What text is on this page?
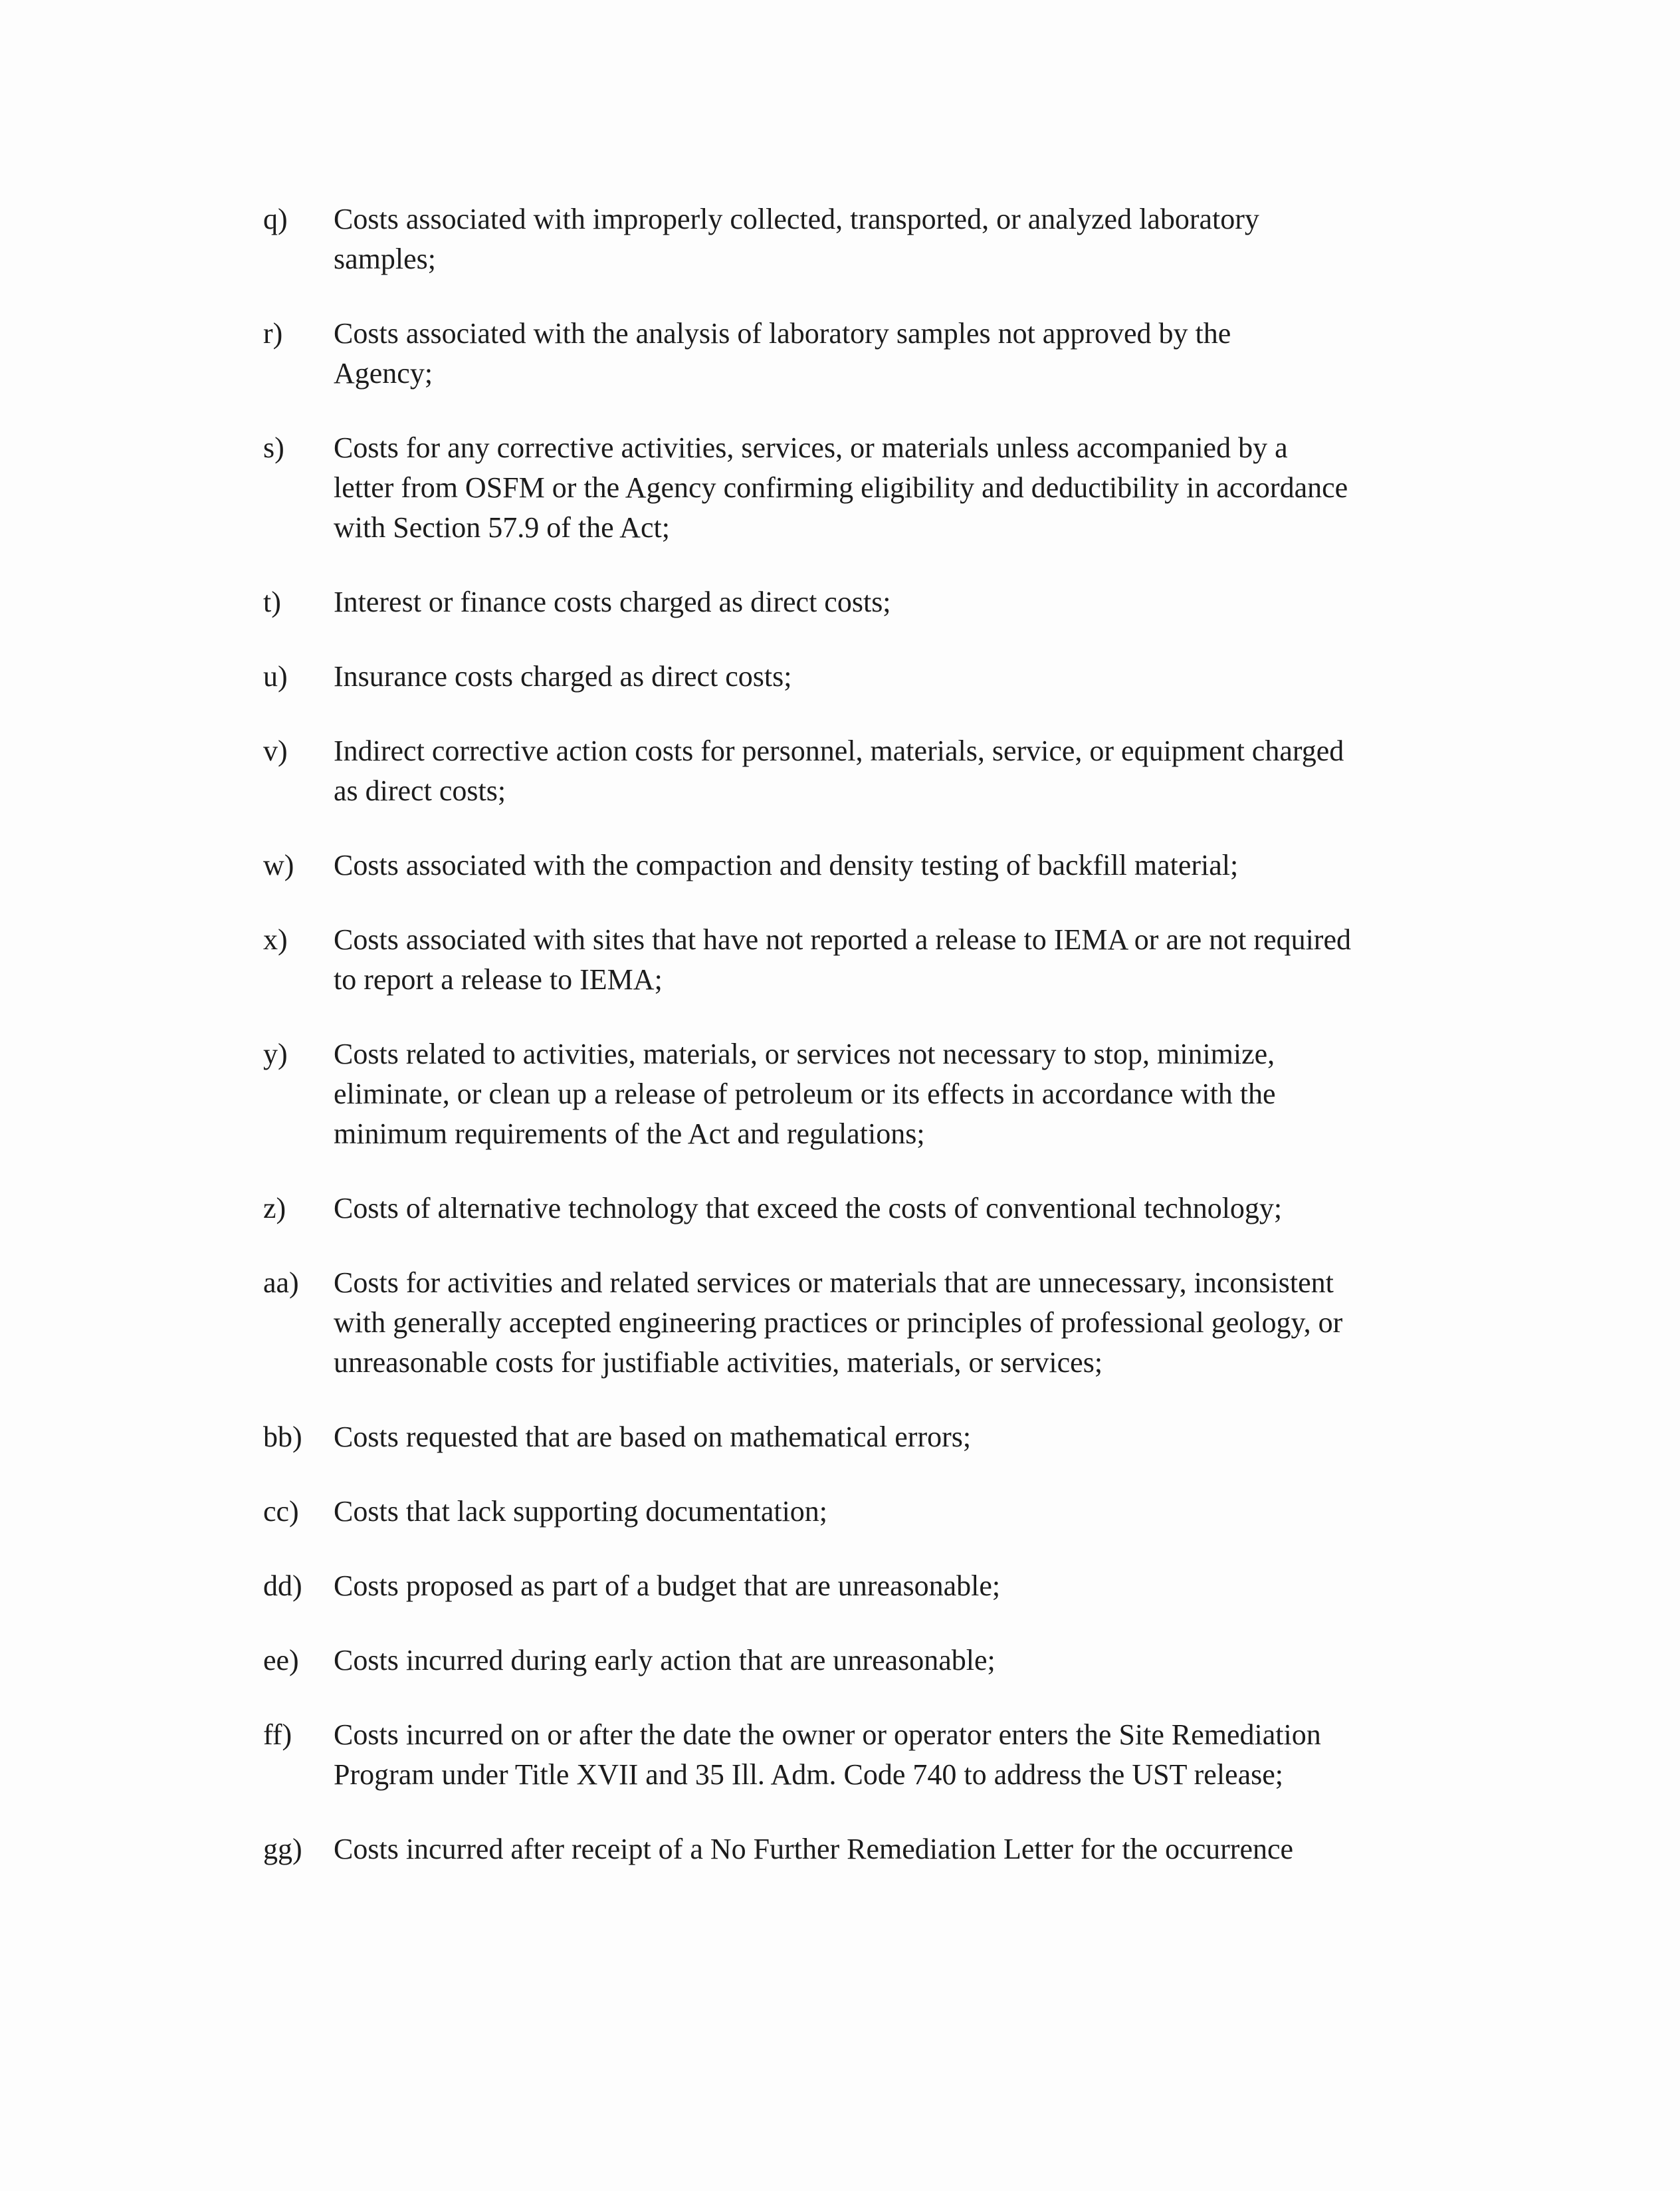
q)	Costs associated with improperly collected, transported, or analyzed laboratory samples;
r)	Costs associated with the analysis of laboratory samples not approved by the Agency;
s)	Costs for any corrective activities, services, or materials unless accompanied by a letter from OSFM or the Agency confirming eligibility and deductibility in accordance with Section 57.9 of the Act;
t)	Interest or finance costs charged as direct costs;
u)	Insurance costs charged as direct costs;
v)	Indirect corrective action costs for personnel, materials, service, or equipment charged as direct costs;
w)	Costs associated with the compaction and density testing of backfill material;
x)	Costs associated with sites that have not reported a release to IEMA or are not required to report a release to IEMA;
y)	Costs related to activities, materials, or services not necessary to stop, minimize, eliminate, or clean up a release of petroleum or its effects in accordance with the minimum requirements of the Act and regulations;
z)	Costs of alternative technology that exceed the costs of conventional technology;
aa)	Costs for activities and related services or materials that are unnecessary, inconsistent with generally accepted engineering practices or principles of professional geology, or unreasonable costs for justifiable activities, materials, or services;
bb)	Costs requested that are based on mathematical errors;
cc)	Costs that lack supporting documentation;
dd)	Costs proposed as part of a budget that are unreasonable;
ee)	Costs incurred during early action that are unreasonable;
ff)	Costs incurred on or after the date the owner or operator enters the Site Remediation Program under Title XVII and 35 Ill. Adm. Code 740 to address the UST release;
gg)	Costs incurred after receipt of a No Further Remediation Letter for the occurrence
